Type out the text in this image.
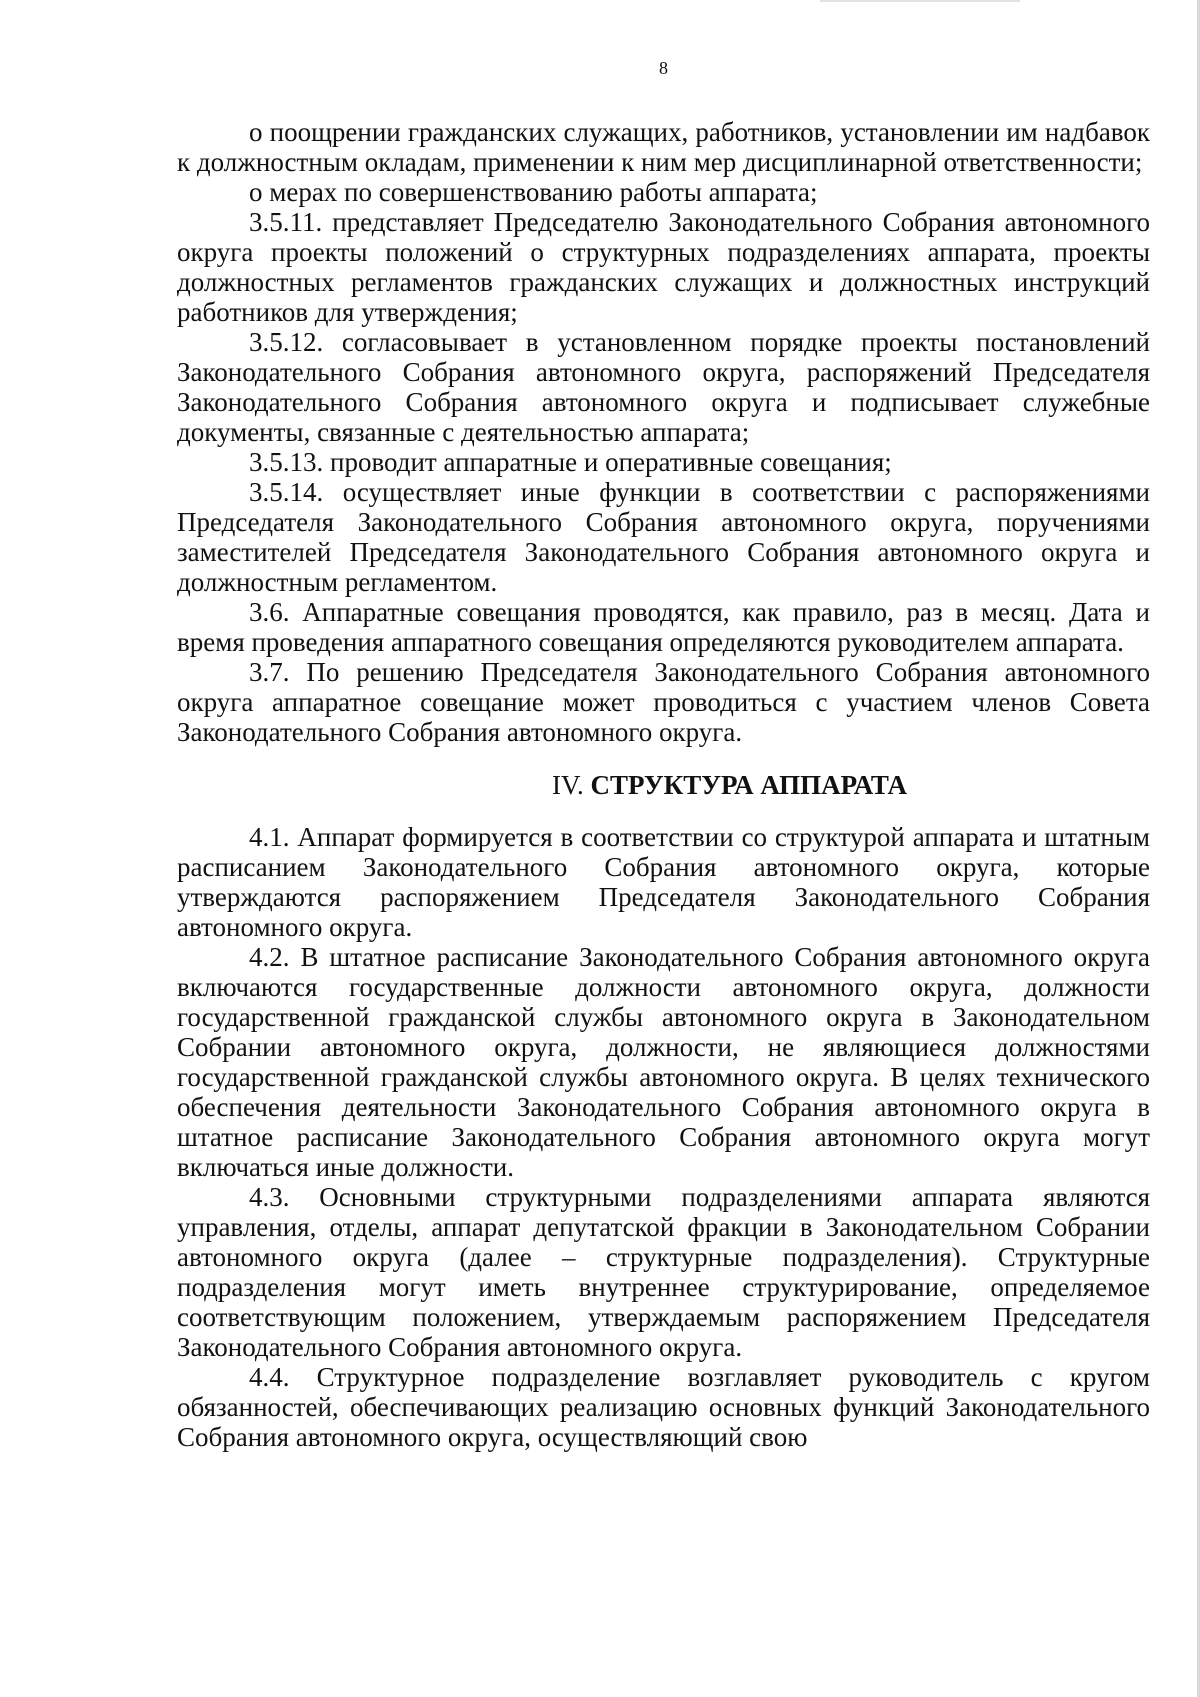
8

о поощрении гражданских служащих, работников, установлении им надбавок к должностным окладам, применении к ним мер дисциплинарной ответственности;

о мерах по совершенствованию работы аппарата;

3.5.11. представляет Председателю Законодательного Собрания автономного округа проекты положений о структурных подразделениях аппарата, проекты должностных регламентов гражданских служащих и должностных инструкций работников для утверждения;

3.5.12. согласовывает в установленном порядке проекты постановлений Законодательного Собрания автономного округа, распоряжений Председателя Законодательного Собрания автономного округа и подписывает служебные документы, связанные с деятельностью аппарата;

3.5.13. проводит аппаратные и оперативные совещания;

3.5.14. осуществляет иные функции в соответствии с распоряжениями Председателя Законодательного Собрания автономного округа, поручениями заместителей Председателя Законодательного Собрания автономного округа и должностным регламентом.

3.6. Аппаратные совещания проводятся, как правило, раз в месяц. Дата и время проведения аппаратного совещания определяются руководителем аппарата.

3.7. По решению Председателя Законодательного Собрания автономного округа аппаратное совещание может проводиться с участием членов Совета Законодательного Собрания автономного округа.

IV. СТРУКТУРА АППАРАТА

4.1. Аппарат формируется в соответствии со структурой аппарата и штатным расписанием Законодательного Собрания автономного округа, которые утверждаются распоряжением Председателя Законодательного Собрания автономного округа.

4.2. В штатное расписание Законодательного Собрания автономного округа включаются государственные должности автономного округа, должности государственной гражданской службы автономного округа в Законодательном Собрании автономного округа, должности, не являющиеся должностями государственной гражданской службы автономного округа. В целях технического обеспечения деятельности Законодательного Собрания автономного округа в штатное расписание Законодательного Собрания автономного округа могут включаться иные должности.

4.3. Основными структурными подразделениями аппарата являются управления, отделы, аппарат депутатской фракции в Законодательном Собрании автономного округа (далее – структурные подразделения). Структурные подразделения могут иметь внутреннее структурирование, определяемое соответствующим положением, утверждаемым распоряжением Председателя Законодательного Собрания автономного округа.

4.4. Структурное подразделение возглавляет руководитель с кругом обязанностей, обеспечивающих реализацию основных функций Законодательного Собрания автономного округа, осуществляющий свою
